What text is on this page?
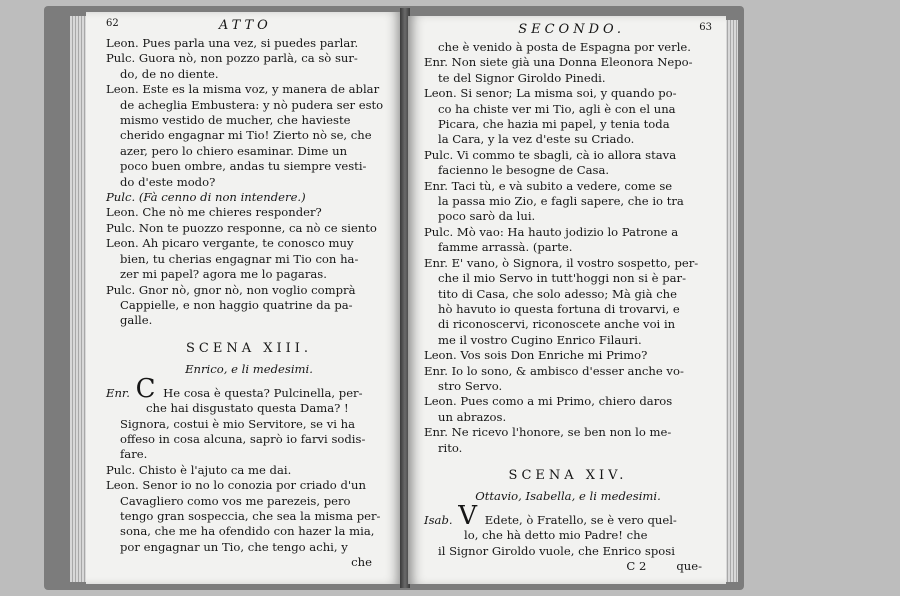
62	ATTO
Leon. Pues parla una vez, si puedes parlar.
Pulc. Guora nò, non pozzo parlà, ca sò sur-
do, de no diente.
Leon. Este es la misma voz, y manera de ablar
de acheglia Embustera: y nò pudera ser esto
mismo vestido de mucher, che havieste
cherido engagnar mi Tio! Zierto nò se, che
azer, pero lo chiero esaminar. Dime un
poco buen ombre, andas tu siempre vesti-
do d'este modo?
Pulc. (Fà cenno di non intendere.)
Leon. Che nò me chieres responder?
Pulc. Non te puozzo responne, ca nò ce siento
Leon. Ah picaro vergante, te conosco muy
bien, tu cherias engagnar mi Tio con ha-
zer mi papel? agora me lo pagaras.
Pulc. Gnor nò, gnor nò, non voglio comprà
Cappielle, e non haggio quatrine da pa-
galle.
SCENA XIII.
Enrico, e li medesimi.
Enr. C He cosa è questa? Pulcinella, per-
che hai disgustato questa Dama? !
Signora, costui è mio Servitore, se vi ha
offeso in cosa alcuna, saprò io farvi sodis-
fare.
Pulc. Chisto è l'ajuto ca me dai.
Leon. Senor io no lo conozia por criado d'un
Cavagliero como vos me parezeis, pero
tengo gran sospeccia, che sea la misma per-
sona, che me ha ofendido con hazer la mia,
por engagnar un Tio, che tengo achi, y
che
SECONDO.	63
che è venido à posta de Espagna por verle.
Enr. Non siete già una Donna Eleonora Nepo-
te del Signor Giroldo Pinedi.
Leon. Si senor; La misma soi, y quando po-
co ha chiste ver mi Tio, agli è con el una
Picara, che hazia mi papel, y tenia toda
la Cara, y la vez d'este su Criado.
Pulc. Vi commo te sbagli, cà io allora stava
facienno le besogne de Casa.
Enr. Taci tù, e và subito a vedere, come se
la passa mio Zio, e fagli sapere, che io tra
poco sarò da lui.
Pulc. Mò vao: Ha hauto jodizio lo Patrone a
famme arrassà. (parte.
Enr. E' vano, ò Signora, il vostro sospetto, per-
che il mio Servo in tutt'hoggi non si è par-
tito di Casa, che solo adesso; Mà già che
hò havuto io questa fortuna di trovarvi, e
di riconoscervi, riconoscete anche voi in
me il vostro Cugino Enrico Filauri.
Leon. Vos sois Don Enriche mi Primo?
Enr. Io lo sono, & ambisco d'esser anche vo-
stro Servo.
Leon. Pues como a mi Primo, chiero daros
un abrazos.
Enr. Ne ricevo l'honore, se ben non lo me-
rito.
SCENA XIV.
Ottavio, Isabella, e li medesimi.
Isab. V Edete, ò Fratello, se è vero quel-
lo, che hà detto mio Padre! che
il Signor Giroldo vuole, che Enrico sposi
C 2	que-
